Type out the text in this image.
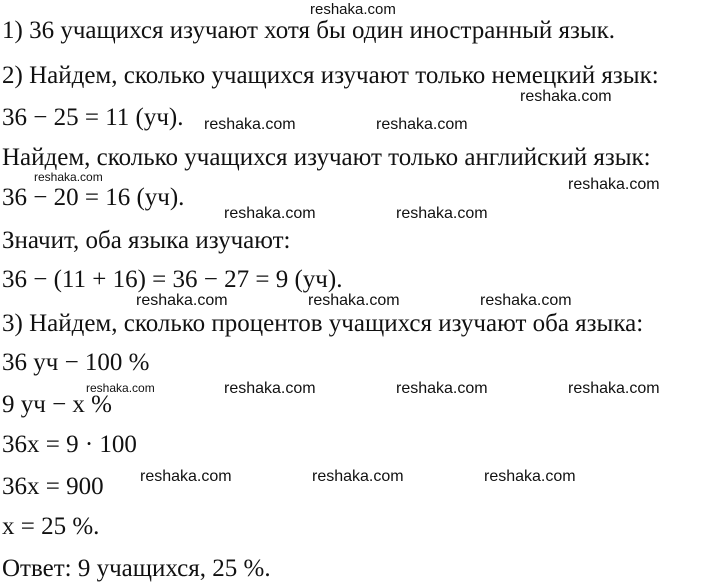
1) 36 учащихся изучают хотя бы один иностранный язык.
2) Найдем, сколько учащихся изучают только немецкий язык:
36 − 25 = 11 (уч).
Найдем, сколько учащихся изучают только английский язык:
36 − 20 = 16 (уч).
Значит, оба языка изучают:
36 − (11 + 16) = 36 − 27 = 9 (уч).
3) Найдем, сколько процентов учащихся изучают оба языка:
36 уч − 100 %
9 уч − x %
36x = 9 · 100
36x = 900
x = 25 %.
Ответ: 9 учащихся, 25 %.
reshaka.com
reshaka.com
reshaka.com	reshaka.com
reshaka.com	reshaka.com
reshaka.com	reshaka.com
reshaka.com	reshaka.com	reshaka.com
reshaka.com	reshaka.com	reshaka.com	reshaka.com
reshaka.com	reshaka.com	reshaka.com
